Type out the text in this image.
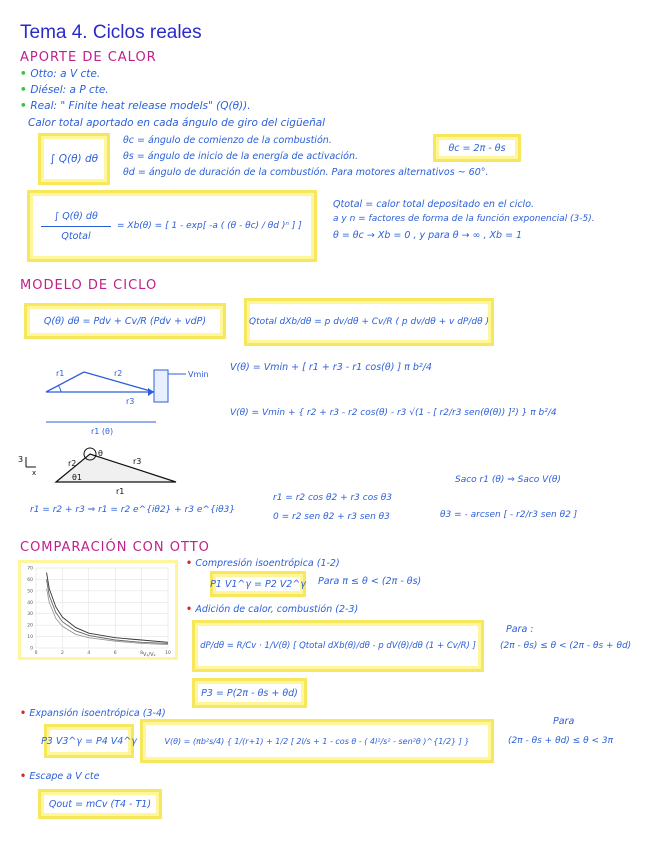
Tema 4. Ciclos reales
APORTE DE CALOR
• Otto: a V cte.
• Diésel: a P cte.
• Real: " Finite heat release models" (Q(θ)).
Calor total aportado en cada ángulo de giro del cigüeñal
∫ Q(θ) dθ
θc = ángulo de comienzo de la combustión.
θs = ángulo de inicio de la energía de activación.
θd = ángulo de duración de la combustión. Para motores alternativos ~ 60°.
θc = 2π - θs
∫ Q(θ) dθ
Qtotal
= Xb(θ) = [ 1 - exp[ -a ( (θ - θc) / θd )ⁿ ] ]
Qtotal = calor total depositado en el ciclo.
a y n = factores de forma de la función exponencial (3-5).
θ = θc → Xb = 0 , y para θ → ∞ , Xb = 1
MODELO DE CICLO
Q(θ) dθ = Pdv + Cv/R (Pdv + vdP)	Qtotal dXb/dθ = p dv/dθ + Cv/R ( p dv/dθ + v dP/dθ )
Vmin
r1	r2
r3
r1 (θ)
V(θ) = Vmin + [ r1 + r3 - r1 cos(θ) ] π b²/4
V(θ) = Vmin + { r2 + r3 - r2 cos(θ) - r3 √(1 - [ r2/r3 sen(θ(θ)) ]²) } π b²/4
3
x
r2	r3
θ1
θ
r1
r1 = r2 + r3 ⇒ r1 = r2 e^{iθ2} + r3 e^{iθ3}
r1 = r2 cos θ2 + r3 cos θ3
0 = r2 sen θ2 + r3 sen θ3
Saco r1 (θ) ⇒ Saco V(θ)
θ3 = - arcsen [ - r2/r3 sen θ2 ]
COMPARACIÓN CON OTTO
0
10
20
30
40
50
60
70
0	2	4	6	8	10
V₁/V₂
• Compresión isoentrópica (1-2)
P1 V1^γ = P2 V2^γ Para π ≤ θ < (2π - θs)
• Adición de calor, combustión (2-3)
dP/dθ = R/Cv · 1/V(θ) [ Qtotal dXb(θ)/dθ - p dV(θ)/dθ (1 + Cv/R) ]
Para :
(2π - θs) ≤ θ < (2π - θs + θd)
P3 = P(2π - θs + θd)
• Expansión isoentrópica (3-4)
P3 V3^γ = P4 V4^γ	V(θ) = (πb²s/4) { 1/(r+1) + 1/2 [ 2l/s + 1 - cos θ - ( 4l²/s² - sen²θ )^{1/2} ] }
Para
(2π - θs + θd) ≤ θ < 3π
• Escape a V cte
Qout = mCv (T4 - T1)
